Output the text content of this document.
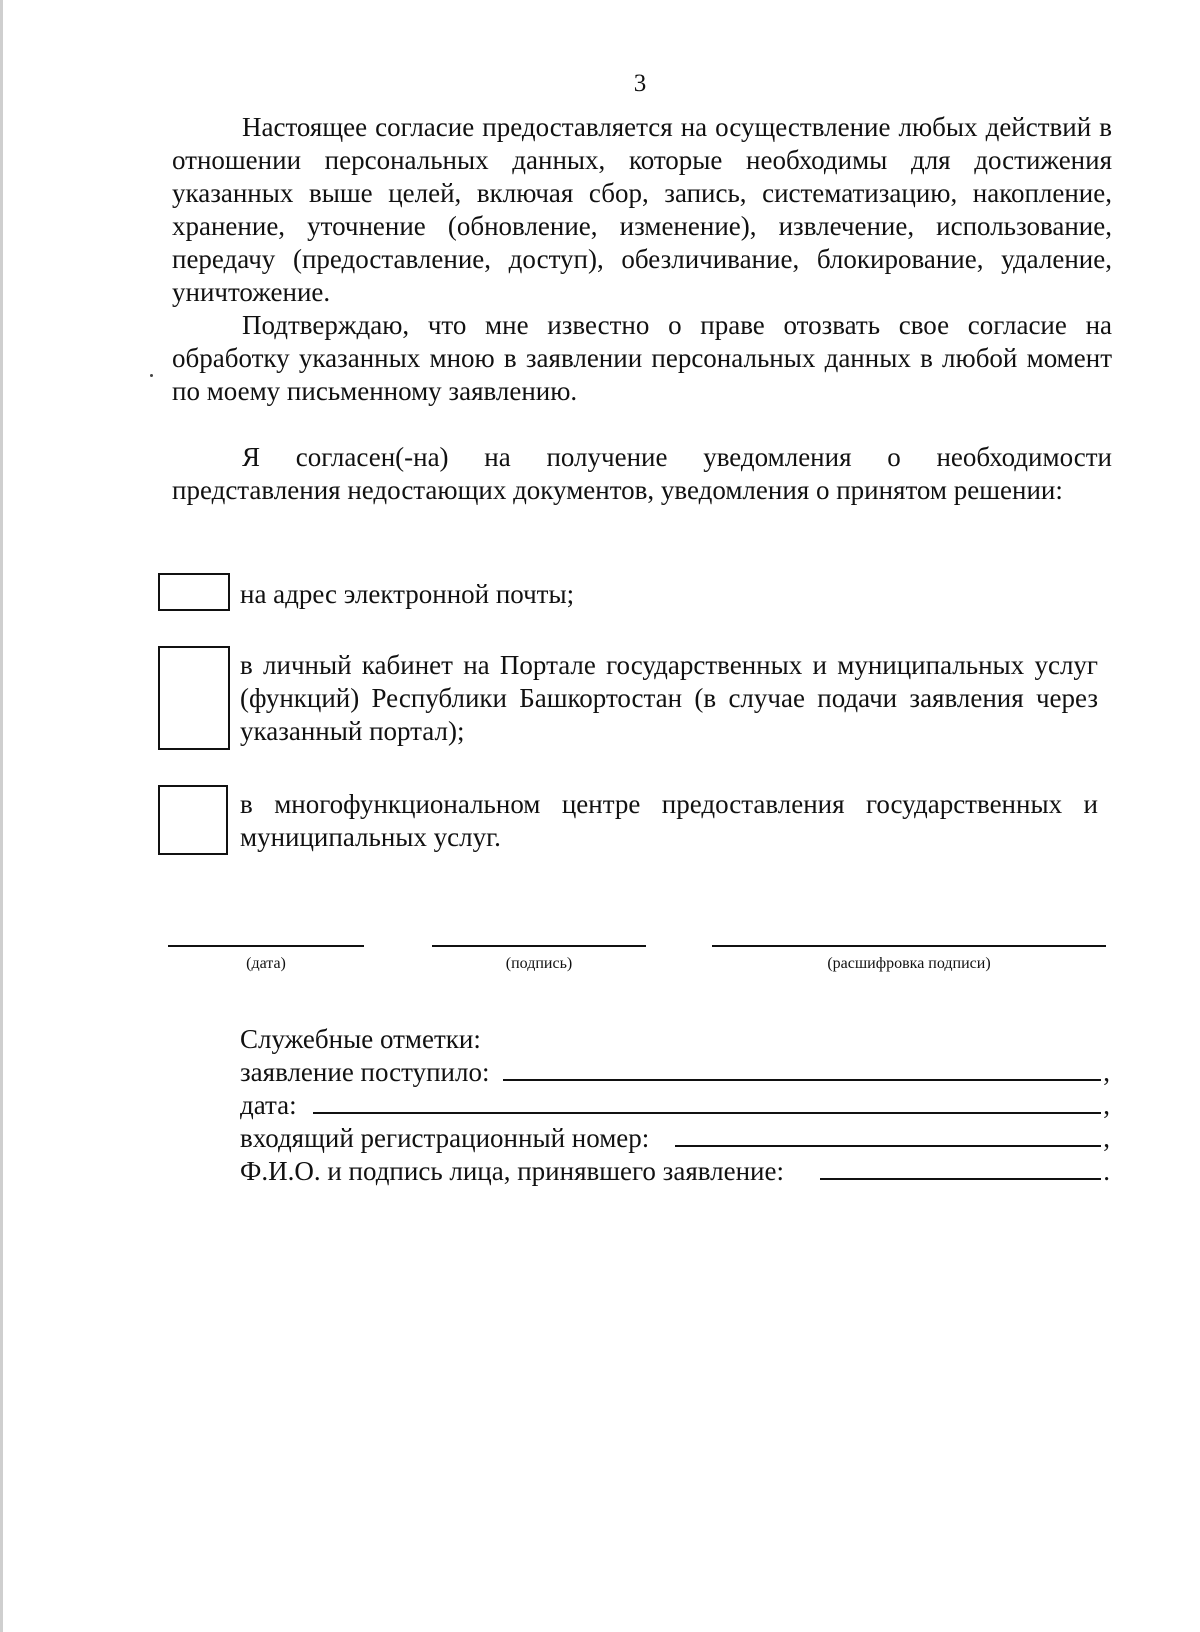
3
Настоящее согласие предоставляется на осуществление любых действий в отношении персональных данных, которые необходимы для достижения указанных выше целей, включая сбор, запись, систематизацию, накопление, хранение, уточнение (обновление, изменение), извлечение, использование, передачу (предоставление, доступ), обезличивание, блокирование, удаление, уничтожение.
Подтверждаю, что мне известно о праве отозвать свое согласие на обработку указанных мною в заявлении персональных данных в любой момент по моему письменному заявлению.
Я согласен(-на) на получение уведомления о необходимости представления недостающих документов, уведомления о принятом решении:
на адрес электронной почты;
в личный кабинет на Портале государственных и муниципальных услуг (функций) Республики Башкортостан (в случае подачи заявления через указанный портал);
в многофункциональном центре предоставления государственных и муниципальных услуг.
(дата)	(подпись)	(расшифровка подписи)
Служебные отметки:
заявление поступило:	,
дата:	,
входящий регистрационный номер:	,
Ф.И.О. и подпись лица, принявшего заявление:	.
